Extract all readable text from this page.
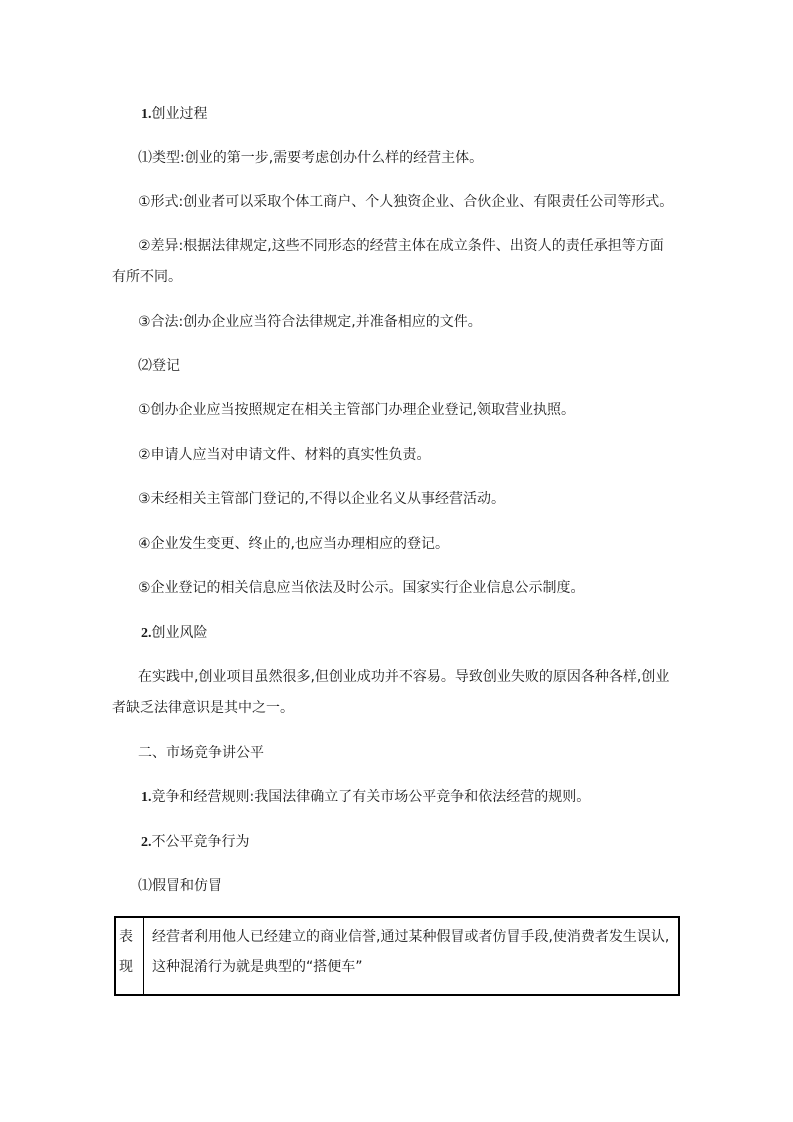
1.创业过程
⑴类型:创业的第一步,需要考虑创办什么样的经营主体。
①形式:创业者可以采取个体工商户、个人独资企业、合伙企业、有限责任公司等形式。
②差异:根据法律规定,这些不同形态的经营主体在成立条件、出资人的责任承担等方面
有所不同。
③合法:创办企业应当符合法律规定,并准备相应的文件。
⑵登记
①创办企业应当按照规定在相关主管部门办理企业登记,领取营业执照。
②申请人应当对申请文件、材料的真实性负责。
③未经相关主管部门登记的,不得以企业名义从事经营活动。
④企业发生变更、终止的,也应当办理相应的登记。
⑤企业登记的相关信息应当依法及时公示。国家实行企业信息公示制度。
2.创业风险
在实践中,创业项目虽然很多,但创业成功并不容易。导致创业失败的原因各种各样,创业
者缺乏法律意识是其中之一。
二、市场竞争讲公平
1.竞争和经营规则:我国法律确立了有关市场公平竞争和依法经营的规则。
2.不公平竞争行为
⑴假冒和仿冒
表现	经营者利用他人已经建立的商业信誉,通过某种假冒或者仿冒手段,使消费者发生误认,这种混淆行为就是典型的“搭便车”
